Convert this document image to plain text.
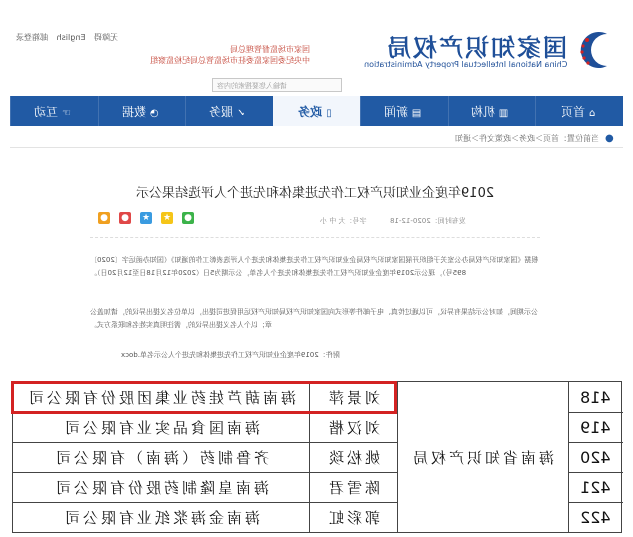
无障碍 English 邮箱登录
国家市场监督管理总局
中央纪委国家监委驻市场监管总局纪检监察组
请输入您要搜索的内容
国家知识产权局
China National Intellectual Property Administration
⌂ 首页
▥ 机构
▤ 新闻
▯ 政务
✓ 服务
◔ 数据
☞ 互动
当前位置：首页＞政务＞政策文件＞通知 ●
2019年度企业知识产权工作先进集体和先进个人评选结果公示
● ● ★ ★ ●	字号：大 中 小	发布时间：2020-12-18
根据《国家知识产权局办公室关于组织开展国家知识产权局企业知识产权工作先进集体和先进个人评选表彰工作的通知》（国知办函运字〔2020〕895号），现公示2019年度企业知识产权工作先进集体和先进个人名单，公示期为5日（2020年12月18日至12月20日）。
公示期间，如对公示结果有异议，可以通过传真、电子邮件等形式向国家知识产权局知识产权运用促进司提出，以单位名义提出异议的，请加盖公章；以个人名义提出异议的，需注明真实姓名和联系方式。
附件：2019年度企业知识产权工作先进集体和先进个人公示名单.docx
海南葫芦娃药业集团股份有限公司 刘景萍	418
海南国食品实业有限公司	刘汉楷	419
齐鲁制药（海南）有限公司	姚松琰 海南省知识产权局 420
海南皇隆制药股份有限公司	陈雪君	421
海南金海浆纸业有限公司	郭彩虹	422
